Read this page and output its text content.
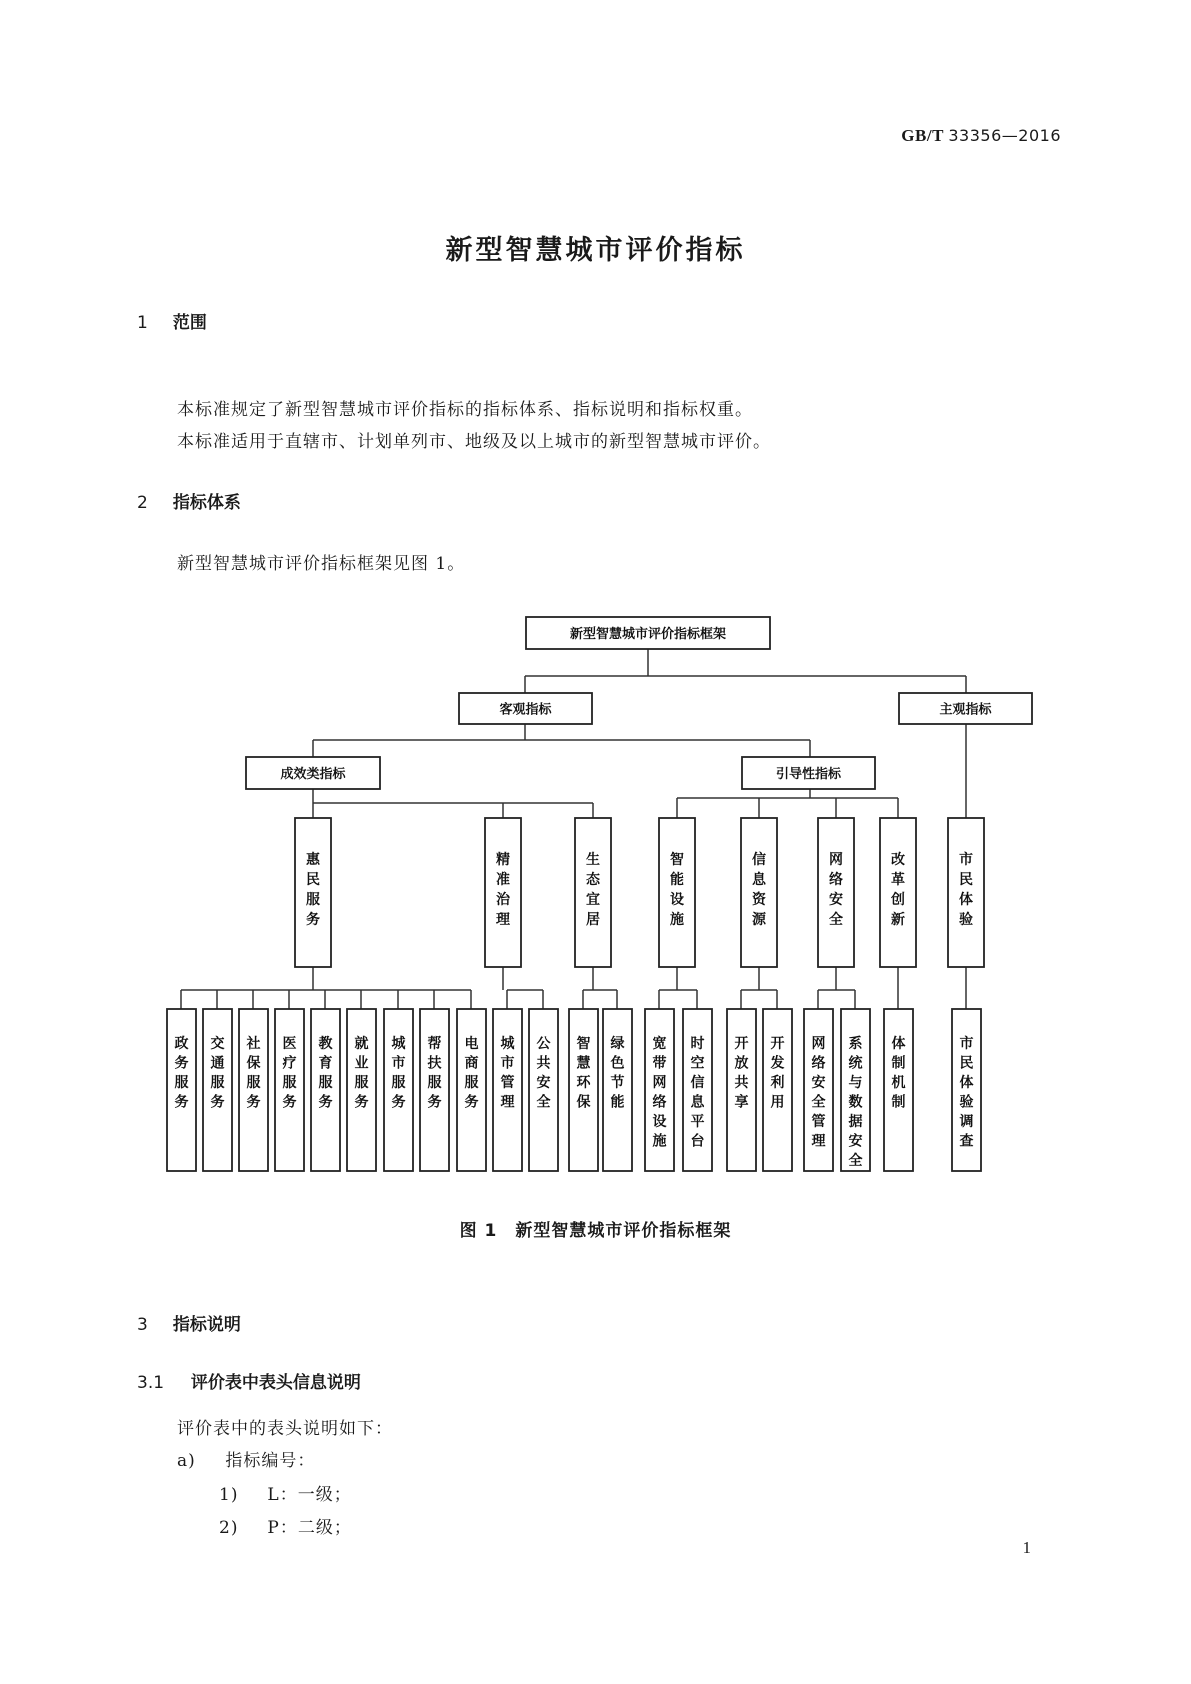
GB/T 33356—2016
新型智慧城市评价指标
1 范围
本标准规定了新型智慧城市评价指标的指标体系、指标说明和指标权重。
本标准适用于直辖市、计划单列市、地级及以上城市的新型智慧城市评价。
2 指标体系
新型智慧城市评价指标框架见图 1。
新型智慧城市评价指标框架
客观指标	主观指标
成效类指标	引导性指标
惠民服务
精准治理
生态宜居
智能设施
信息资源
网络安全
改革创新
市民体验
政务服务
交通服务
社保服务
医疗服务
教育服务
就业服务
城市服务
帮扶服务
电商服务
城市管理
公共安全
智慧环保
绿色节能
宽带网络设施
时空信息平台
开放共享
开发利用
网络安全管理
系统与数据安全
体制机制
市民体验调查
图 1　新型智慧城市评价指标框架
3 指标说明
3.1 评价表中表头信息说明
评价表中的表头说明如下：
a) 指标编号：
1) L：一级；
2) P：二级；
1
